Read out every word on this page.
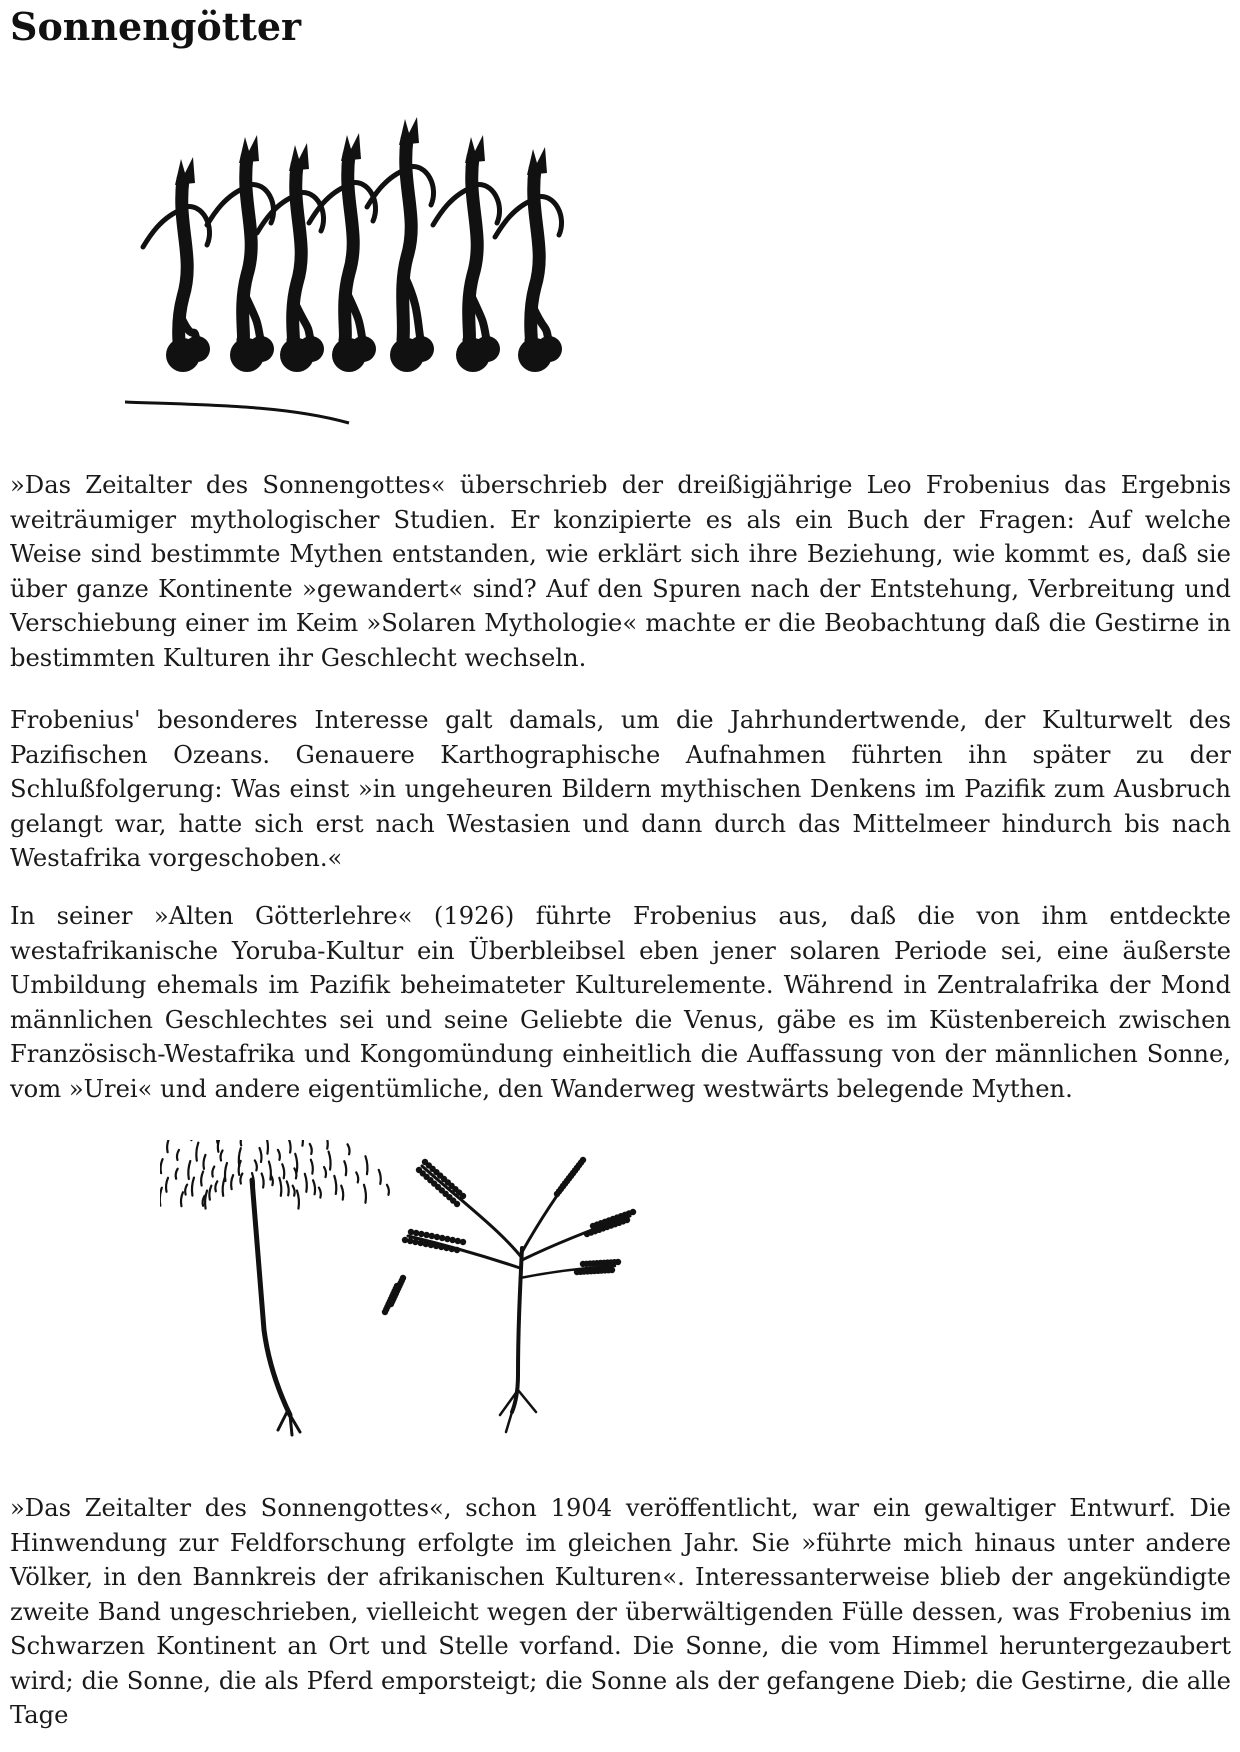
Sonnengötter

»Das Zeitalter des Sonnengottes« überschrieb der dreißigjährige Leo Frobenius das Ergebnis weiträumiger mythologischer Studien. Er konzipierte es als ein Buch der Fragen: Auf welche Weise sind bestimmte Mythen entstanden, wie erklärt sich ihre Beziehung, wie kommt es, daß sie über ganze Kontinente »gewandert« sind? Auf den Spuren nach der Entstehung, Verbreitung und Verschiebung einer im Keim »Solaren Mythologie« machte er die Beobachtung daß die Gestirne in bestimmten Kulturen ihr Geschlecht wechseln.

Frobenius' besonderes Interesse galt damals, um die Jahrhundertwende, der Kulturwelt des Pazifischen Ozeans. Genauere Karthographische Aufnahmen führten ihn später zu der Schlußfolgerung: Was einst »in ungeheuren Bildern mythischen Denkens im Pazifik zum Ausbruch gelangt war, hatte sich erst nach Westasien und dann durch das Mittelmeer hindurch bis nach Westafrika vorgeschoben.«

In seiner »Alten Götterlehre« (1926) führte Frobenius aus, daß die von ihm entdeckte westafrikanische Yoruba-Kultur ein Überbleibsel eben jener solaren Periode sei, eine äußerste Umbildung ehemals im Pazifik beheimateter Kulturelemente. Während in Zentralafrika der Mond männlichen Geschlechtes sei und seine Geliebte die Venus, gäbe es im Küstenbereich zwischen Französisch-Westafrika und Kongomündung einheitlich die Auffassung von der männlichen Sonne, vom »Urei« und andere eigentümliche, den Wanderweg westwärts belegende Mythen.

»Das Zeitalter des Sonnengottes«, schon 1904 veröffentlicht, war ein gewaltiger Entwurf. Die Hinwendung zur Feldforschung erfolgte im gleichen Jahr. Sie »führte mich hinaus unter andere Völker, in den Bannkreis der afrikanischen Kulturen«. Interessanterweise blieb der angekündigte zweite Band ungeschrieben, vielleicht wegen der überwältigenden Fülle dessen, was Frobenius im Schwarzen Kontinent an Ort und Stelle vorfand. Die Sonne, die vom Himmel heruntergezaubert wird; die Sonne, die als Pferd emporsteigt; die Sonne als der gefangene Dieb; die Gestirne, die alle Tage
